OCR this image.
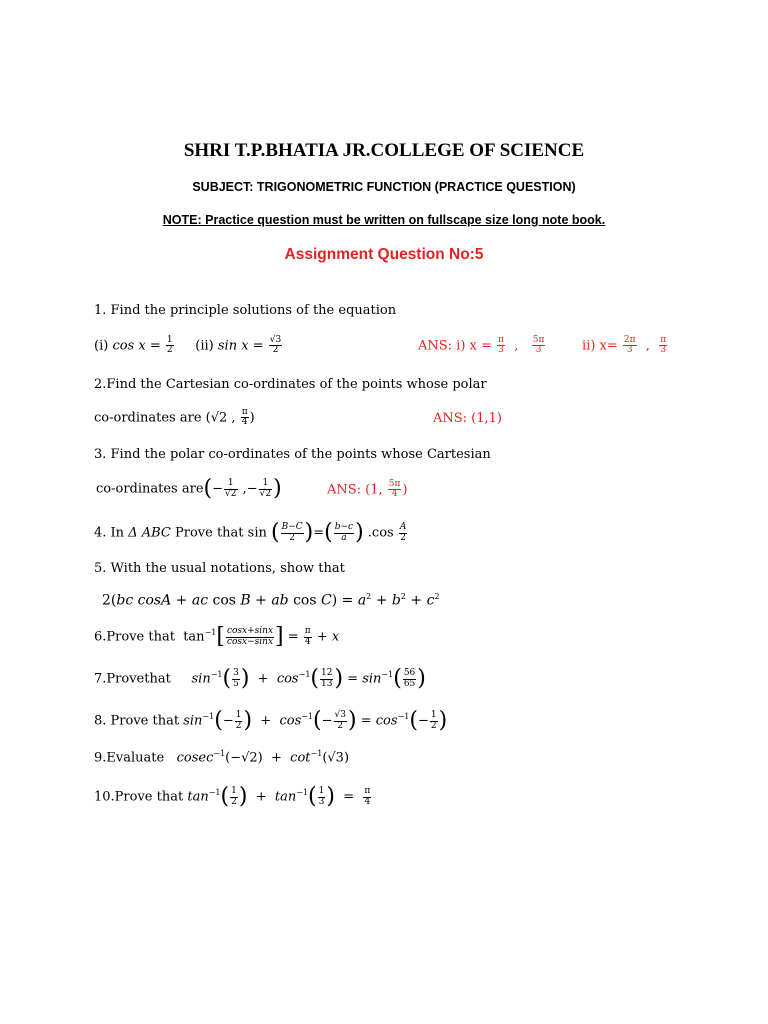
SHRI T.P.BHATIA JR.COLLEGE OF SCIENCE
SUBJECT: TRIGONOMETRIC FUNCTION (PRACTICE QUESTION)
NOTE: Practice question must be written on fullscape size long note book.
Assignment Question No:5
1. Find the principle solutions of the equation
(i) $\cos x = \frac{1}{2} (ii)$ $\sin x = \frac{√3}{2}$	ANS: i) $x = \frac{\pi}{3}$ , $\frac{5\pi}{3}$	ii) $x= \frac{2\pi}{3}$ , $\frac{\pi}{3}$
2.Find the Cartesian co-ordinates of the points whose polar
co-ordinates are (√2 , $\frac{\pi}{4}$ )	ANS: (1,1)
3. Find the polar co-ordinates of the points whose Cartesian
co-ordinates $are(- \frac{1}{√2}$ ,− $\frac{1}{√2}$ )	ANS: (1, $\frac{5\pi}{4}$ )
4. In Δ ABC Prove that sin ( $\frac{B-C}{2}$ )=( $\frac{b-c}{a}$ ) $.\cos \frac{A}{2}$
5. With the usual notations, show that
2(bc cosA + ac cos B + ab $\cos C) = a^2 + b^2 + c^2$
6.Prove that  $\tan^{-1}[ \frac{\cos x+\sin x}{\cos x-\sin x}$ ] = $\frac{\pi}{4} + x$
7.Provethat $\sin^{-1}( \frac{3}{5}$ )  +  $\cos^{-1}( \frac{12}{13}$ ) = $\sin^{-1}( \frac{56}{65}$ )
8. Prove that $\sin^{-1}(- \frac{1}{2}$ )  +  $\cos^{-1}(- \frac{√3}{2}$ ) = $\cos^{-1}(- \frac{1}{2}$ )
9.Evaluate $cosec^{-1}(-√2) + \cot^{-1}(√3)$
10.Prove that $\tan^{-1}( \frac{1}{2}$ )  +  $\tan^{-1}( \frac{1}{3}$ )  = $\frac{\pi}{4}$
